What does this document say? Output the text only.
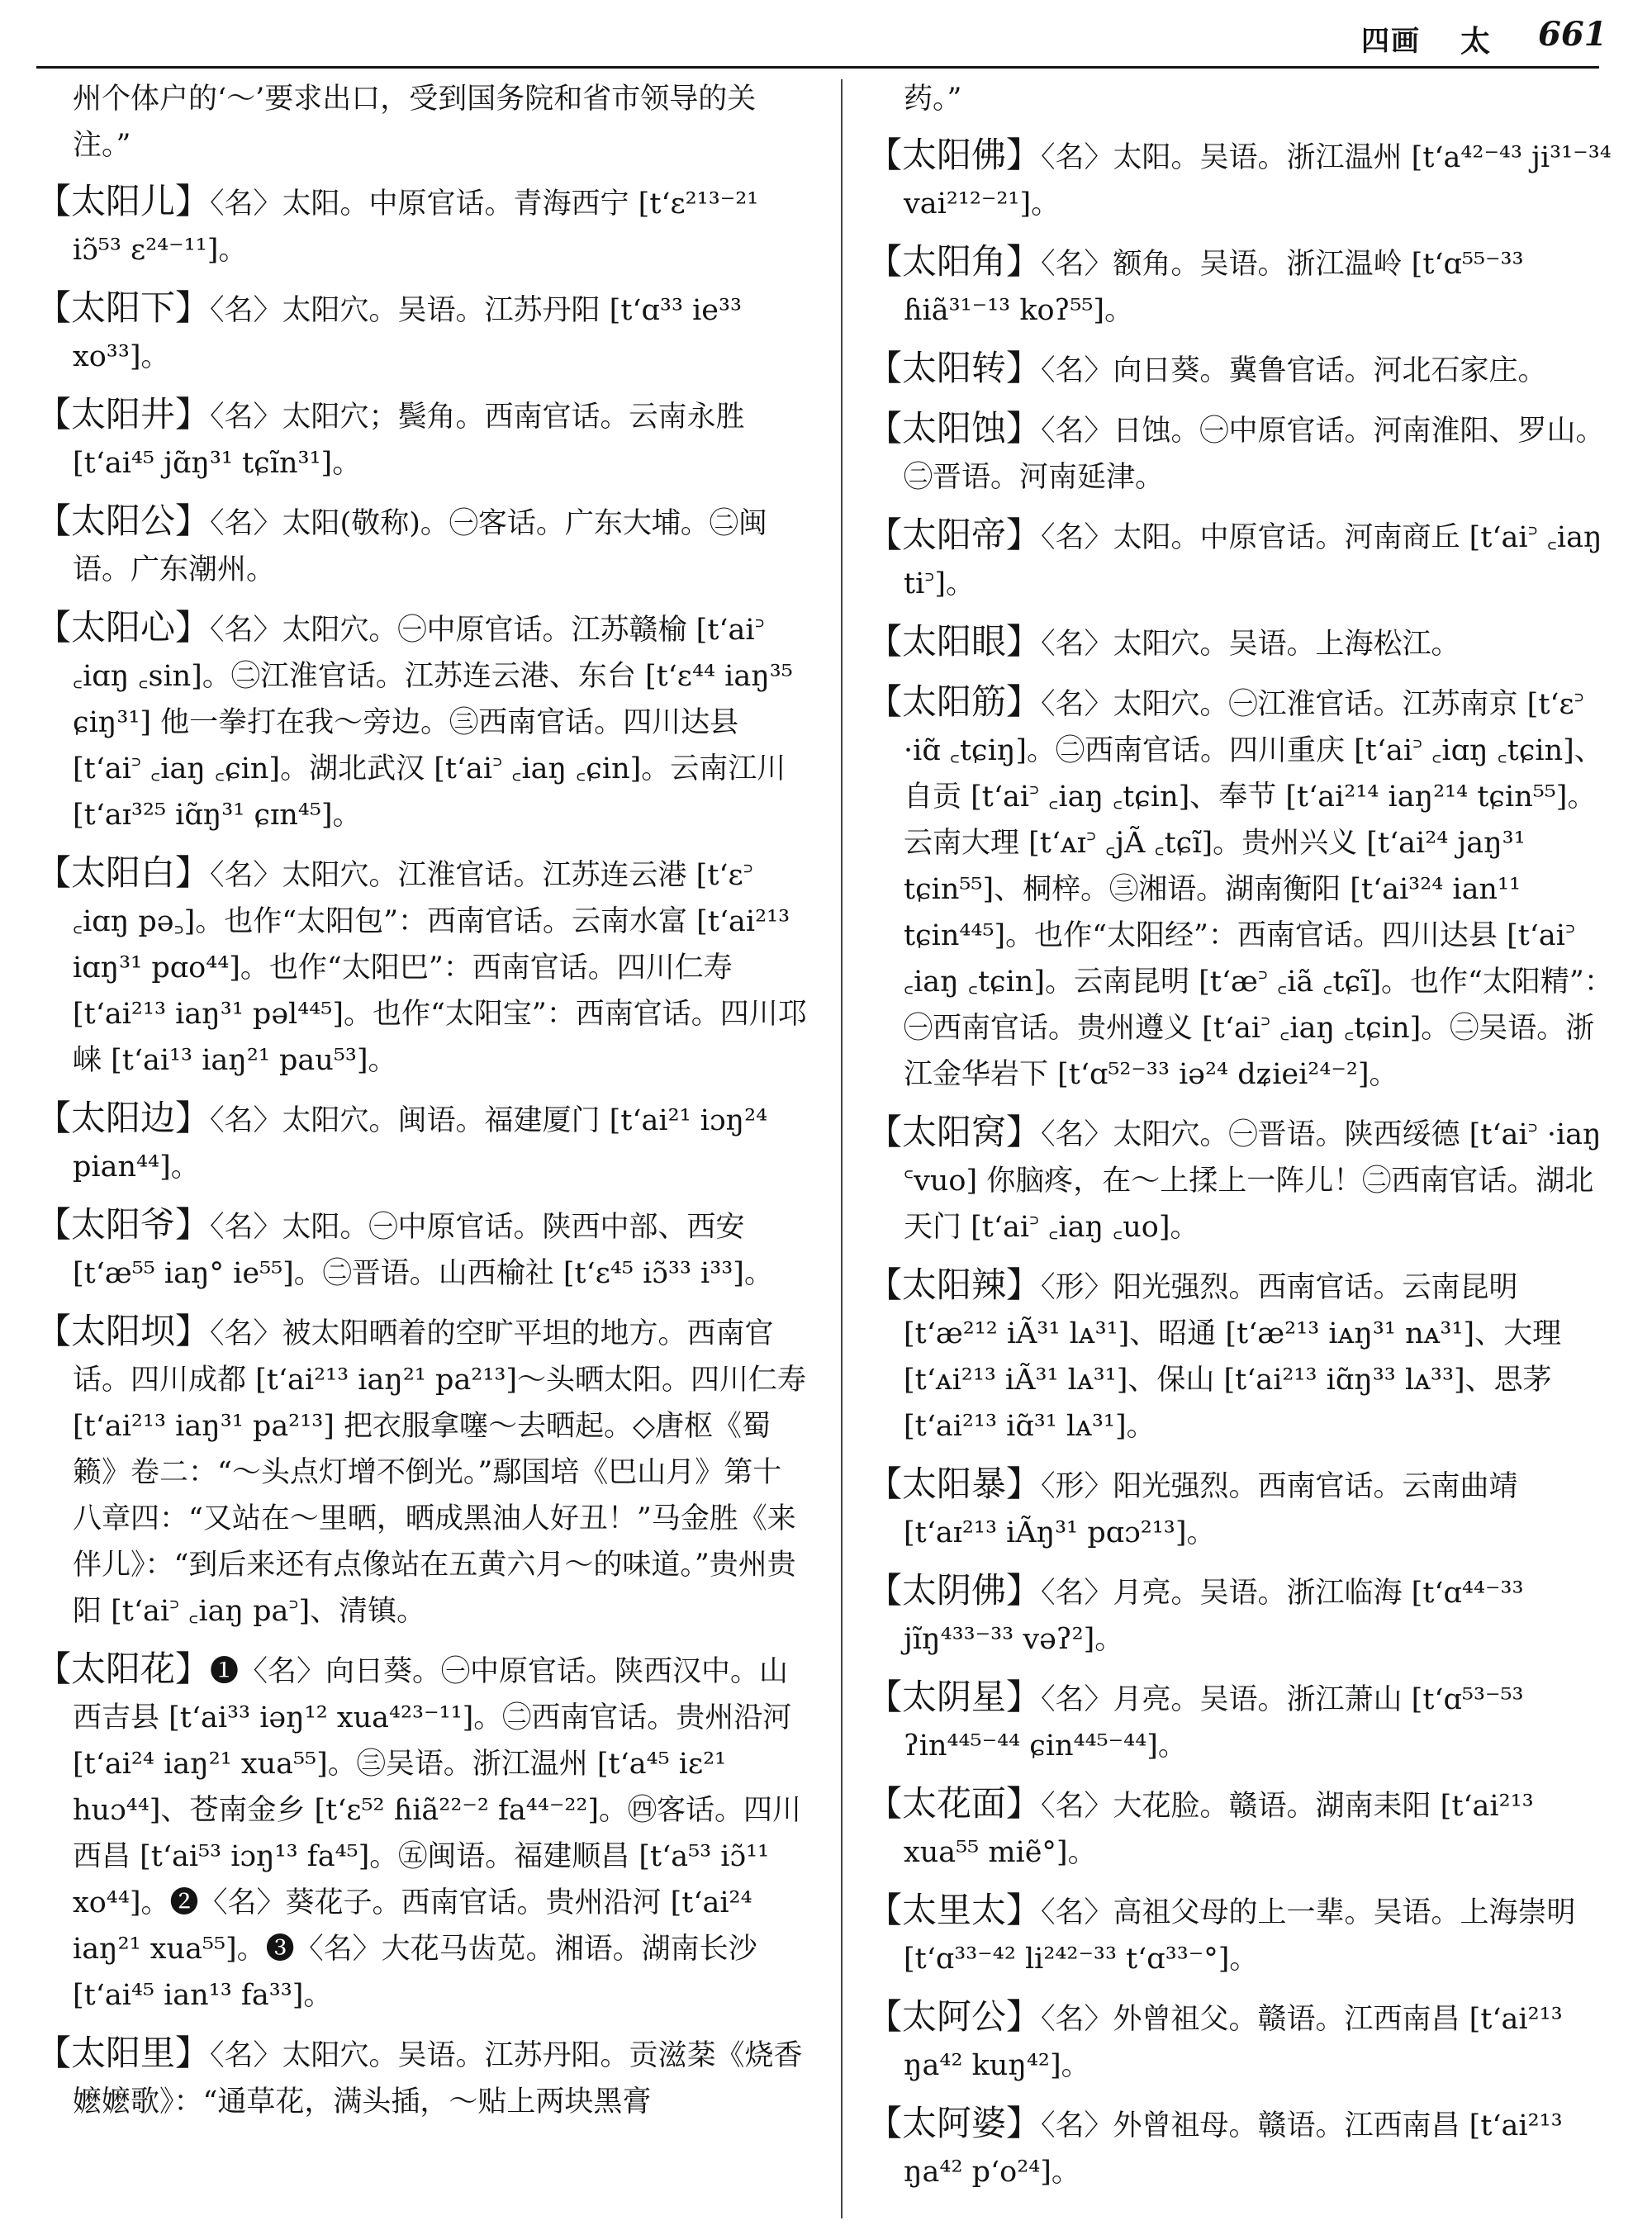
四画 太 661

州个体户的‘～’要求出口，受到国务院和省市领导的关注。”

【太阳儿】〈名〉太阳。中原官话。青海西宁 [t‘ɛ²¹³⁻²¹ iɔ̃⁵³ ɛ²⁴⁻¹¹]。

【太阳下】〈名〉太阳穴。吴语。江苏丹阳 [t‘ɑ³³ ie³³ xo³³]。

【太阳井】〈名〉太阳穴；鬓角。西南官话。云南永胜 [t‘ai⁴⁵ jɑ̃ŋ³¹ tɕĩn³¹]。

【太阳公】〈名〉太阳(敬称)。㊀客话。广东大埔。㊁闽语。广东潮州。

【太阳心】〈名〉太阳穴。㊀中原官话。江苏赣榆 [t‘ai꜄ ꜀iɑŋ ꜀sin]。㊁江淮官话。江苏连云港、东台 [t‘ɛ⁴⁴ iaŋ³⁵ ɕiŋ³¹] 他一拳打在我～旁边。㊂西南官话。四川达县 [t‘ai꜄ ꜀iaŋ ꜀ɕin]。湖北武汉 [t‘ai꜄ ꜀iaŋ ꜀ɕin]。云南江川 [t‘aɪ³²⁵ iɑ̃ŋ³¹ ɕɪn⁴⁵]。

【太阳白】〈名〉太阳穴。江淮官话。江苏连云港 [t‘ɛ꜄ ꜀iɑŋ pə꜆]。也作“太阳包”：西南官话。云南水富 [t‘ai²¹³ iɑŋ³¹ pɑo⁴⁴]。也作“太阳巴”：西南官话。四川仁寿 [t‘ai²¹³ iaŋ³¹ pəl⁴⁴⁵]。也作“太阳宝”：西南官话。四川邛崃 [t‘ai¹³ iaŋ²¹ pau⁵³]。

【太阳边】〈名〉太阳穴。闽语。福建厦门 [t‘ai²¹ iɔŋ²⁴ pian⁴⁴]。

【太阳爷】〈名〉太阳。㊀中原官话。陕西中部、西安 [t‘æ⁵⁵ iaŋ° ie⁵⁵]。㊁晋语。山西榆社 [t‘ɛ⁴⁵ iɔ̃³³ i³³]。

【太阳坝】〈名〉被太阳晒着的空旷平坦的地方。西南官话。四川成都 [t‘ai²¹³ iaŋ²¹ pa²¹³]～头晒太阳。四川仁寿 [t‘ai²¹³ iaŋ³¹ pa²¹³] 把衣服拿噻～去晒起。◇唐枢《蜀籁》卷二：“～头点灯增不倒光。”鄢国培《巴山月》第十八章四：“又站在～里晒，晒成黑油人好丑！”马金胜《来伴儿》：“到后来还有点像站在五黄六月～的味道。”贵州贵阳 [t‘ai꜄ ꜀iaŋ pa꜄]、清镇。

【太阳花】❶〈名〉向日葵。㊀中原官话。陕西汉中。山西吉县 [t‘ai³³ iəŋ¹² xua⁴²³⁻¹¹]。㊁西南官话。贵州沿河 [t‘ai²⁴ iaŋ²¹ xua⁵⁵]。㊂吴语。浙江温州 [t‘a⁴⁵ iɛ²¹ huɔ⁴⁴]、苍南金乡 [t‘ɛ⁵² ɦiã²²⁻² fa⁴⁴⁻²²]。㊃客话。四川西昌 [t‘ai⁵³ iɔŋ¹³ fa⁴⁵]。㊄闽语。福建顺昌 [t‘a⁵³ iɔ̃¹¹ xo⁴⁴]。❷〈名〉葵花子。西南官话。贵州沿河 [t‘ai²⁴ iaŋ²¹ xua⁵⁵]。❸〈名〉大花马齿苋。湘语。湖南长沙 [t‘ai⁴⁵ ian¹³ fa³³]。

【太阳里】〈名〉太阳穴。吴语。江苏丹阳。贡滋棻《烧香嬷嬷歌》：“通草花，满头插，～贴上两块黑膏

药。”

【太阳佛】〈名〉太阳。吴语。浙江温州 [t‘a⁴²⁻⁴³ ji³¹⁻³⁴ vai²¹²⁻²¹]。

【太阳角】〈名〉额角。吴语。浙江温岭 [t‘ɑ⁵⁵⁻³³ ɦiã³¹⁻¹³ koʔ⁵⁵]。

【太阳转】〈名〉向日葵。冀鲁官话。河北石家庄。

【太阳蚀】〈名〉日蚀。㊀中原官话。河南淮阳、罗山。㊁晋语。河南延津。

【太阳帝】〈名〉太阳。中原官话。河南商丘 [t‘ai꜄ ꜀iaŋ ti꜄]。

【太阳眼】〈名〉太阳穴。吴语。上海松江。

【太阳筋】〈名〉太阳穴。㊀江淮官话。江苏南京 [t‘ɛ꜄ ·iɑ̃ ꜀tɕiŋ]。㊁西南官话。四川重庆 [t‘ai꜄ ꜀iɑŋ ꜀tɕin]、自贡 [t‘ai꜄ ꜀iaŋ ꜀tɕin]、奉节 [t‘ai²¹⁴ iaŋ²¹⁴ tɕin⁵⁵]。云南大理 [t‘ᴀɪ꜄ ꜀jÃ ꜀tɕĩ]。贵州兴义 [t‘ai²⁴ jaŋ³¹ tɕin⁵⁵]、桐梓。㊂湘语。湖南衡阳 [t‘ai³²⁴ ian¹¹ tɕin⁴⁴⁵]。也作“太阳经”：西南官话。四川达县 [t‘ai꜄ ꜀iaŋ ꜀tɕin]。云南昆明 [t‘æ꜄ ꜀iã ꜀tɕĩ]。也作“太阳精”：㊀西南官话。贵州遵义 [t‘ai꜄ ꜀iaŋ ꜀tɕin]。㊁吴语。浙江金华岩下 [t‘ɑ⁵²⁻³³ iə²⁴ dʑiei²⁴⁻²]。

【太阳窝】〈名〉太阳穴。㊀晋语。陕西绥德 [t‘ai꜄ ·iaŋ ꜂vuo] 你脑疼，在～上揉上一阵儿！㊁西南官话。湖北天门 [t‘ai꜄ ꜀iaŋ ꜀uo]。

【太阳辣】〈形〉阳光强烈。西南官话。云南昆明 [t‘æ²¹² iÃ³¹ lᴀ³¹]、昭通 [t‘æ²¹³ iᴀŋ³¹ nᴀ³¹]、大理 [t‘ᴀi²¹³ iÃ³¹ lᴀ³¹]、保山 [t‘ai²¹³ iɑ̃ŋ³³ lᴀ³³]、思茅 [t‘ai²¹³ iɑ̃³¹ lᴀ³¹]。

【太阳暴】〈形〉阳光强烈。西南官话。云南曲靖 [t‘aɪ²¹³ iÃŋ³¹ pɑɔ²¹³]。

【太阴佛】〈名〉月亮。吴语。浙江临海 [t‘ɑ⁴⁴⁻³³ jĩŋ⁴³³⁻³³ vəʔ²]。

【太阴星】〈名〉月亮。吴语。浙江萧山 [t‘ɑ⁵³⁻⁵³ ʔin⁴⁴⁵⁻⁴⁴ ɕin⁴⁴⁵⁻⁴⁴]。

【太花面】〈名〉大花脸。赣语。湖南耒阳 [t‘ai²¹³ xua⁵⁵ miẽ°]。

【太里太】〈名〉高祖父母的上一辈。吴语。上海崇明 [t‘ɑ³³⁻⁴² li²⁴²⁻³³ t‘ɑ³³⁻°]。

【太阿公】〈名〉外曾祖父。赣语。江西南昌 [t‘ai²¹³ ŋa⁴² kuŋ⁴²]。

【太阿婆】〈名〉外曾祖母。赣语。江西南昌 [t‘ai²¹³ ŋa⁴² p‘o²⁴]。
